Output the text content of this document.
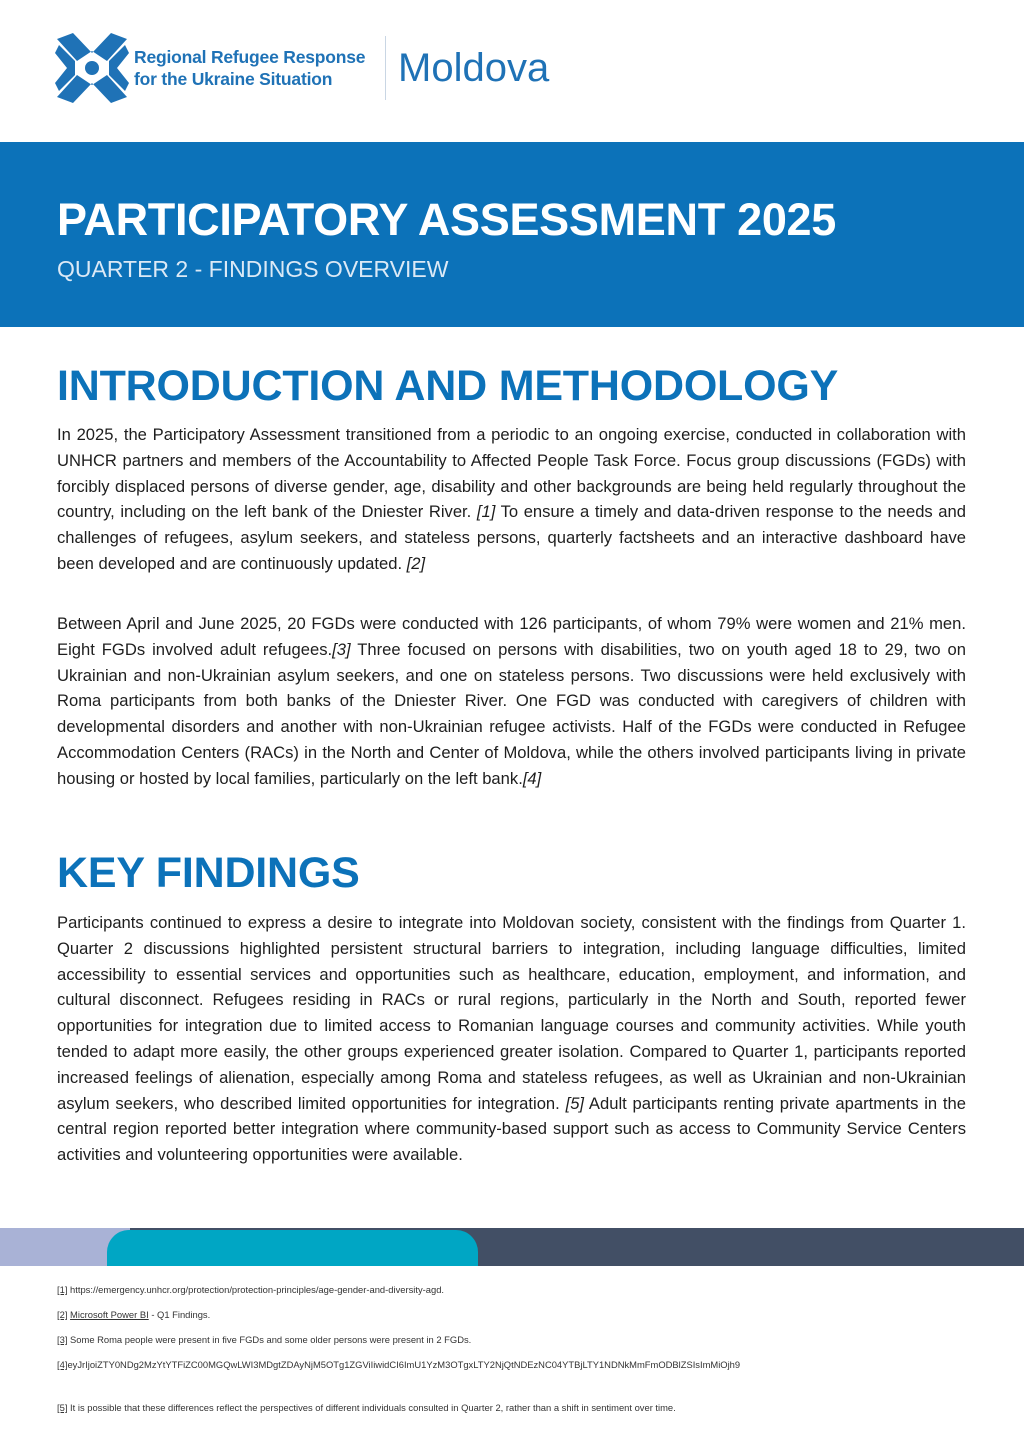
Regional Refugee Response
for the Ukraine Situation	Moldova
PARTICIPATORY ASSESSMENT 2025
QUARTER 2 - FINDINGS OVERVIEW
INTRODUCTION AND METHODOLOGY

In 2025, the Participatory Assessment transitioned from a periodic to an ongoing exercise, conducted in collaboration with UNHCR partners and members of the Accountability to Affected People Task Force. Focus group discussions (FGDs) with forcibly displaced persons of diverse gender, age, disability and other backgrounds are being held regularly throughout the country, including on the left bank of the Dniester River. [1] To ensure a timely and data-driven response to the needs and challenges of refugees, asylum seekers, and stateless persons, quarterly factsheets and an interactive dashboard have been developed and are continuously updated. [2]

Between April and June 2025, 20 FGDs were conducted with 126 participants, of whom 79% were women and 21% men. Eight FGDs involved adult refugees.[3] Three focused on persons with disabilities, two on youth aged 18 to 29, two on Ukrainian and non-Ukrainian asylum seekers, and one on stateless persons. Two discussions were held exclusively with Roma participants from both banks of the Dniester River. One FGD was conducted with caregivers of children with developmental disorders and another with non-Ukrainian refugee activists. Half of the FGDs were conducted in Refugee Accommodation Centers (RACs) in the North and Center of Moldova, while the others involved participants living in private housing or hosted by local families, particularly on the left bank.[4]

KEY FINDINGS

Participants continued to express a desire to integrate into Moldovan society, consistent with the findings from Quarter 1. Quarter 2 discussions highlighted persistent structural barriers to integration, including language difficulties, limited accessibility to essential services and opportunities such as healthcare, education, employment, and information, and cultural disconnect. Refugees residing in RACs or rural regions, particularly in the North and South, reported fewer opportunities for integration due to limited access to Romanian language courses and community activities. While youth tended to adapt more easily, the other groups experienced greater isolation. Compared to Quarter 1, participants reported increased feelings of alienation, especially among Roma and stateless refugees, as well as Ukrainian and non-Ukrainian asylum seekers, who described limited opportunities for integration. [5] Adult participants renting private apartments in the central region reported better integration where community-based support such as access to Community Service Centers activities and volunteering opportunities were available.

[1] https://emergency.unhcr.org/protection/protection-principles/age-gender-and-diversity-agd.
[2] Microsoft Power BI - Q1 Findings.
[3] Some Roma people were present in five FGDs and some older persons were present in 2 FGDs.
[4]eyJrIjoiZTY0NDg2MzYtYTFiZC00MGQwLWI3MDgtZDAyNjM5OTg1ZGViIiwidCI6ImU1YzM3OTgxLTY2NjQtNDEzNC04YTBjLTY1NDNkMmFmODBlZSIsImMiOjh9
[5] It is possible that these differences reflect the perspectives of different individuals consulted in Quarter 2, rather than a shift in sentiment over time.
